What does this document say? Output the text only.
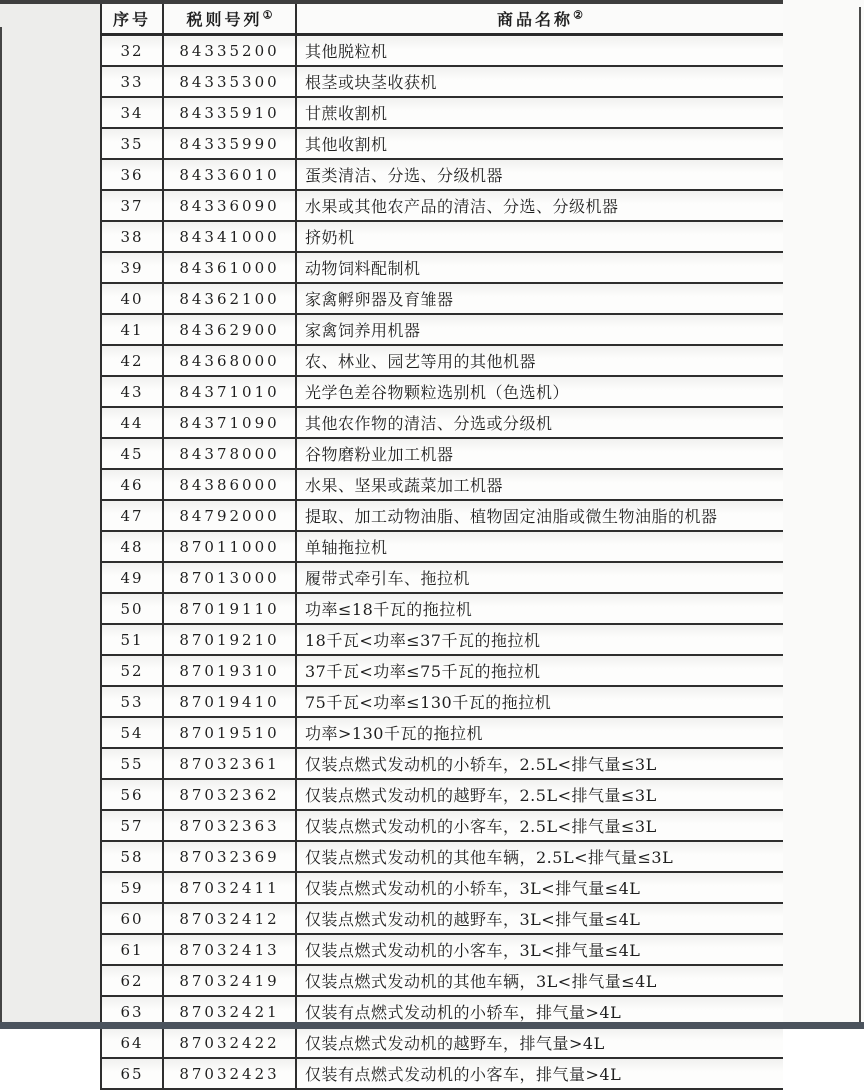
序号	税则号列①	商品名称②
32	84335200	其他脱粒机
33	84335300	根茎或块茎收获机
34	84335910	甘蔗收割机
35	84335990	其他收割机
36	84336010	蛋类清洁、分选、分级机器
37	84336090	水果或其他农产品的清洁、分选、分级机器
38	84341000	挤奶机
39	84361000	动物饲料配制机
40	84362100	家禽孵卵器及育雏器
41	84362900	家禽饲养用机器
42	84368000	农、林业、园艺等用的其他机器
43	84371010	光学色差谷物颗粒选别机（色选机）
44	84371090	其他农作物的清洁、分选或分级机
45	84378000	谷物磨粉业加工机器
46	84386000	水果、坚果或蔬菜加工机器
47	84792000	提取、加工动物油脂、植物固定油脂或微生物油脂的机器
48	87011000	单轴拖拉机
49	87013000	履带式牵引车、拖拉机
50	87019110	功率≤18千瓦的拖拉机
51	87019210	18千瓦<功率≤37千瓦的拖拉机
52	87019310	37千瓦<功率≤75千瓦的拖拉机
53	87019410	75千瓦<功率≤130千瓦的拖拉机
54	87019510	功率>130千瓦的拖拉机
55	87032361	仅装点燃式发动机的小轿车，2.5L<排气量≤3L
56	87032362	仅装点燃式发动机的越野车，2.5L<排气量≤3L
57	87032363	仅装点燃式发动机的小客车，2.5L<排气量≤3L
58	87032369	仅装点燃式发动机的其他车辆，2.5L<排气量≤3L
59	87032411	仅装点燃式发动机的小轿车，3L<排气量≤4L
60	87032412	仅装点燃式发动机的越野车，3L<排气量≤4L
61	87032413	仅装点燃式发动机的小客车，3L<排气量≤4L
62	87032419	仅装点燃式发动机的其他车辆，3L<排气量≤4L
63	87032421	仅装有点燃式发动机的小轿车，排气量>4L
64	87032422	仅装点燃式发动机的越野车，排气量>4L
65	87032423	仅装有点燃式发动机的小客车，排气量>4L
